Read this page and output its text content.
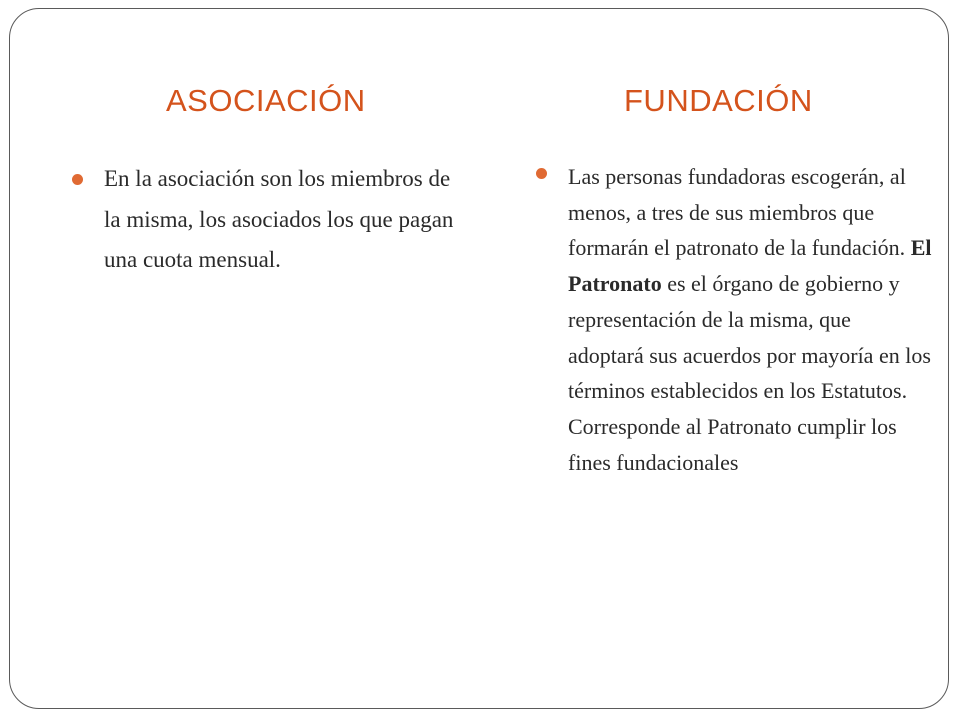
ASOCIACIÓN	FUNDACIÓN
En la asociación son los miembros de la misma, los asociados los que pagan una cuota mensual.
Las personas fundadoras escogerán, al menos, a tres de sus miembros que formarán el patronato de la fundación. El Patronato es el órgano de gobierno y representación de la misma, que adoptará sus acuerdos por mayoría en los términos establecidos en los Estatutos. Corresponde al Patronato cumplir los fines fundacionales
